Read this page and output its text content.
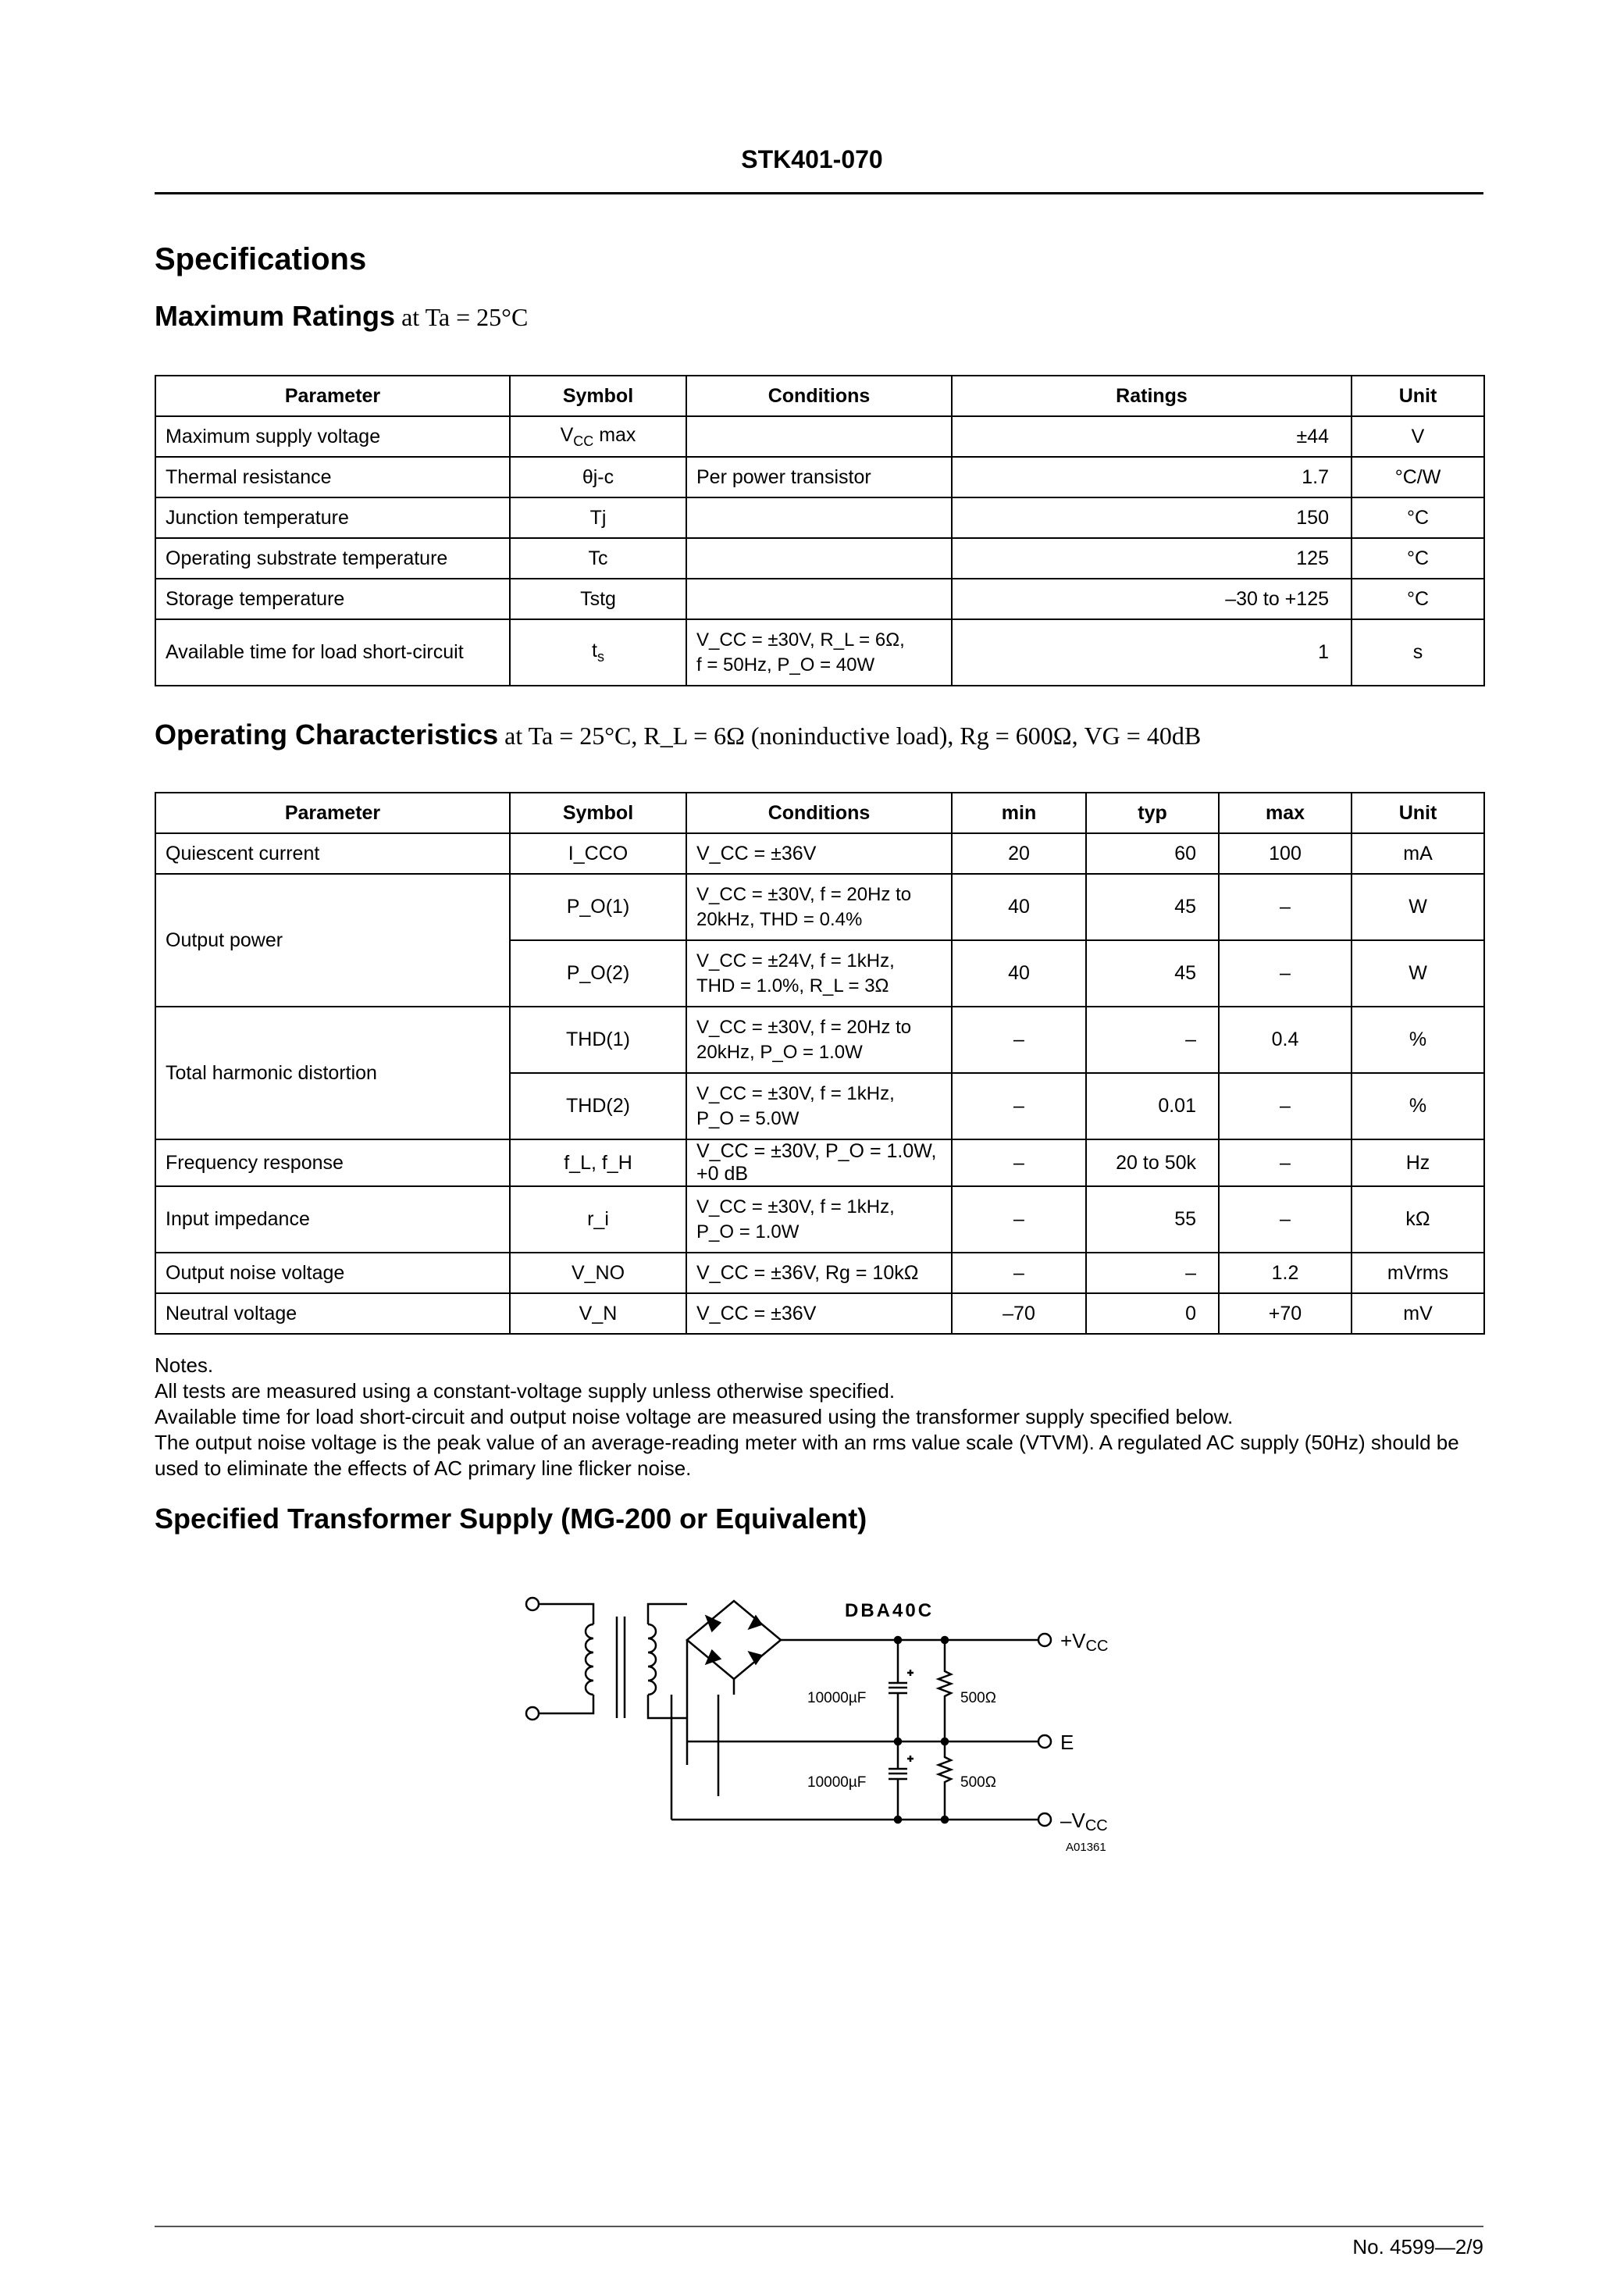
STK401-070
Specifications
Maximum Ratings at Ta = 25°C
Parameter	Symbol	Conditions	Ratings	Unit
Maximum supply voltage	$V_{CC}$ max		±44	V
Thermal resistance	θj-c	Per power transistor	1.7	°C/W
Junction temperature	Tj		150	°C
Operating substrate temperature	Tc		125	°C
Storage temperature	Tstg		–30 to +125	°C
Available time for load short-circuit	$t_s$	V_CC = ±30V, R_L = 6Ω,
f = 50Hz, P_O = 40W	1	s
Operating Characteristics at Ta = 25°C, R_L = 6Ω (noninductive load), Rg = 600Ω, VG = 40dB
Parameter	Symbol	Conditions	min	typ	max	Unit
Quiescent current	I_CCO	V_CC = ±36V	20	60	100	mA
Output power	P_O(1)	V_CC = ±30V, f = 20Hz to
20kHz, THD = 0.4%	40	45	–	W
	P_O(2)	V_CC = ±24V, f = 1kHz,
THD = 1.0%, R_L = 3Ω	40	45	–	W
Total harmonic distortion	THD(1)	V_CC = ±30V, f = 20Hz to
20kHz, P_O = 1.0W	–	–	0.4	%
	THD(2)	V_CC = ±30V, f = 1kHz,
P_O = 5.0W	–	0.01	–	%
Frequency response	f_L, f_H	V_CC = ±30V, P_O = 1.0W, +0 dB	–	20 to 50k	–	Hz
Input impedance	r_i	V_CC = ±30V, f = 1kHz,
P_O = 1.0W	–	55	–	kΩ
Output noise voltage	V_NO	V_CC = ±36V, Rg = 10kΩ	–	–	1.2	mVrms
Neutral voltage	V_N	V_CC = ±36V	–70	0	+70	mV
Notes.
All tests are measured using a constant-voltage supply unless otherwise specified.
Available time for load short-circuit and output noise voltage are measured using the transformer supply specified below.
The output noise voltage is the peak value of an average-reading meter with an rms value scale (VTVM). A regulated AC supply (50Hz) should be used to eliminate the effects of AC primary line flicker noise.
Specified Transformer Supply (MG-200 or Equivalent)
DBA40C
10000µF
10000µF
500Ω
500Ω
+VCC
E
–VCC
A01361
No. 4599—2/9
